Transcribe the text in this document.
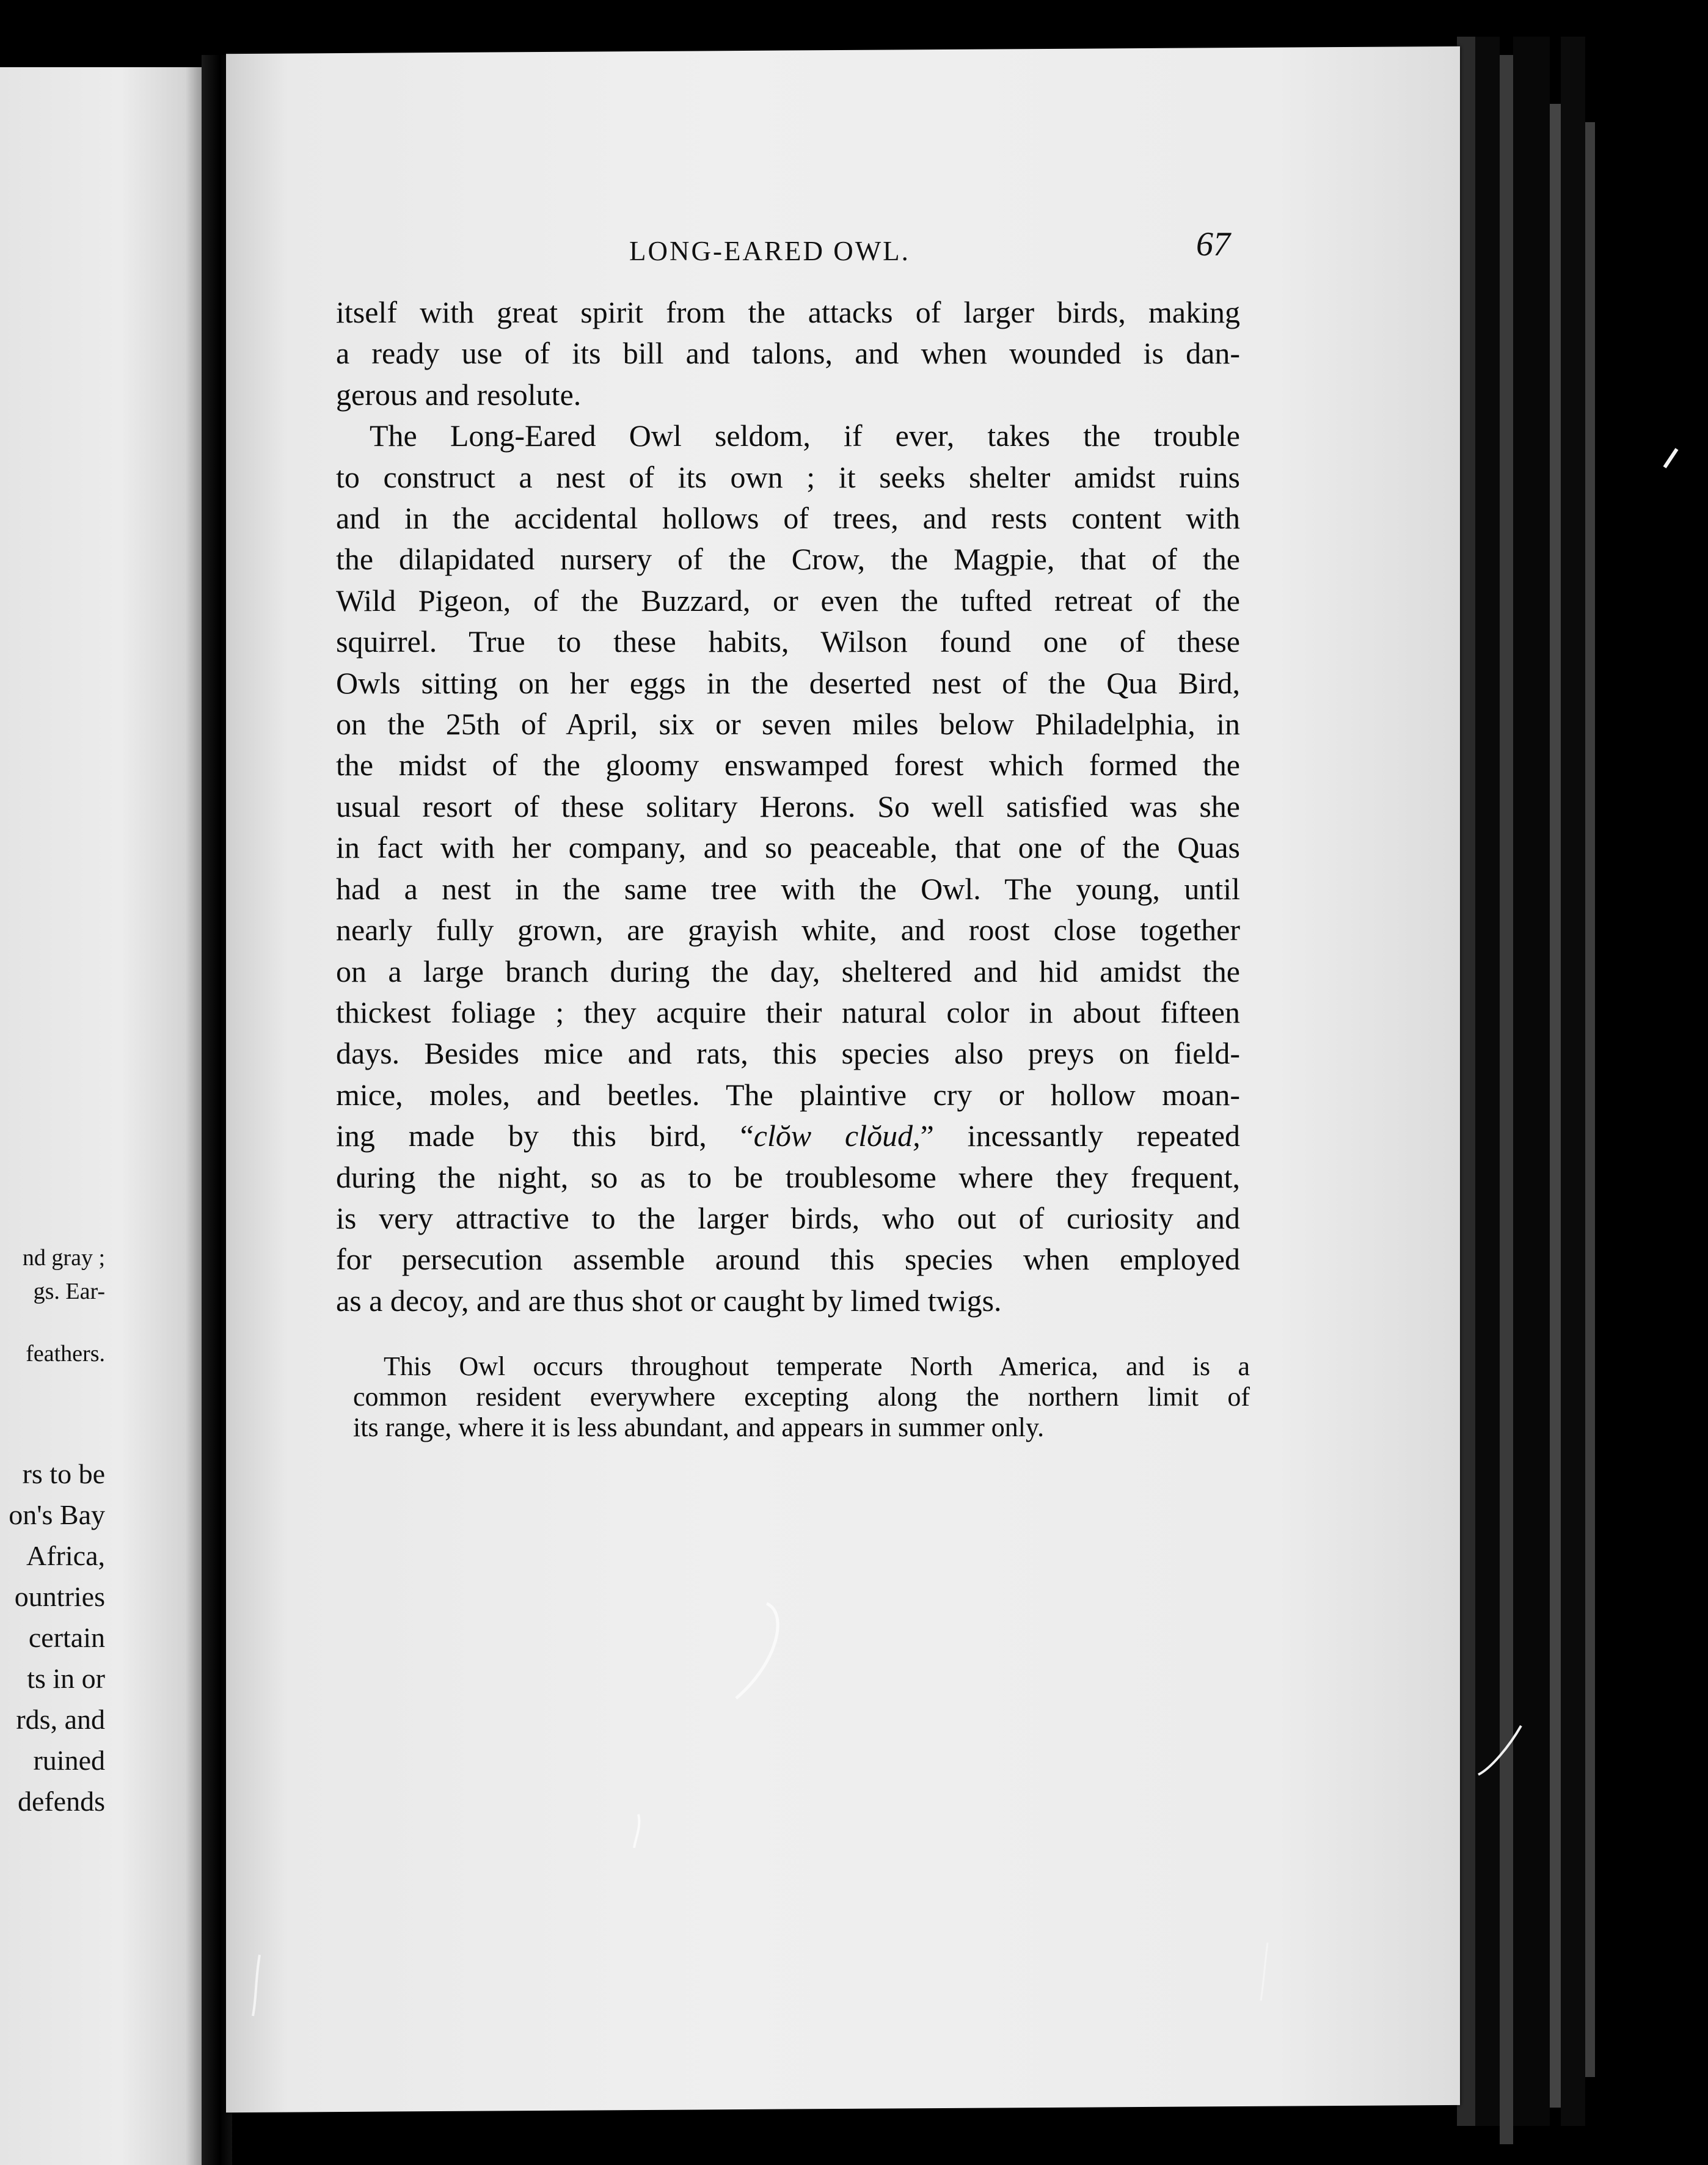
nd gray ;

gs. Ear-

feathers.

rs to be

on's Bay

Africa,

ountries

certain

ts in or

rds, and

ruined

defends

LONG-EARED OWL.	67

itself with great spirit from the attacks of larger birds, making
a ready use of its bill and talons, and when wounded is dan-
gerous and resolute.
The Long-Eared Owl seldom, if ever, takes the trouble
to construct a nest of its own ; it seeks shelter amidst ruins
and in the accidental hollows of trees, and rests content with
the dilapidated nursery of the Crow, the Magpie, that of the
Wild Pigeon, of the Buzzard, or even the tufted retreat of the
squirrel. True to these habits, Wilson found one of these
Owls sitting on her eggs in the deserted nest of the Qua Bird,
on the 25th of April, six or seven miles below Philadelphia, in
the midst of the gloomy enswamped forest which formed the
usual resort of these solitary Herons. So well satisfied was she
in fact with her company, and so peaceable, that one of the Quas
had a nest in the same tree with the Owl. The young, until
nearly fully grown, are grayish white, and roost close together
on a large branch during the day, sheltered and hid amidst the
thickest foliage ; they acquire their natural color in about fifteen
days. Besides mice and rats, this species also preys on field-
mice, moles, and beetles. The plaintive cry or hollow moan-
ing made by this bird, “clŏw clŏud,” incessantly repeated
during the night, so as to be troublesome where they frequent,
is very attractive to the larger birds, who out of curiosity and
for persecution assemble around this species when employed
as a decoy, and are thus shot or caught by limed twigs.

This Owl occurs throughout temperate North America, and is a
common resident everywhere excepting along the northern limit of
its range, where it is less abundant, and appears in summer only.
